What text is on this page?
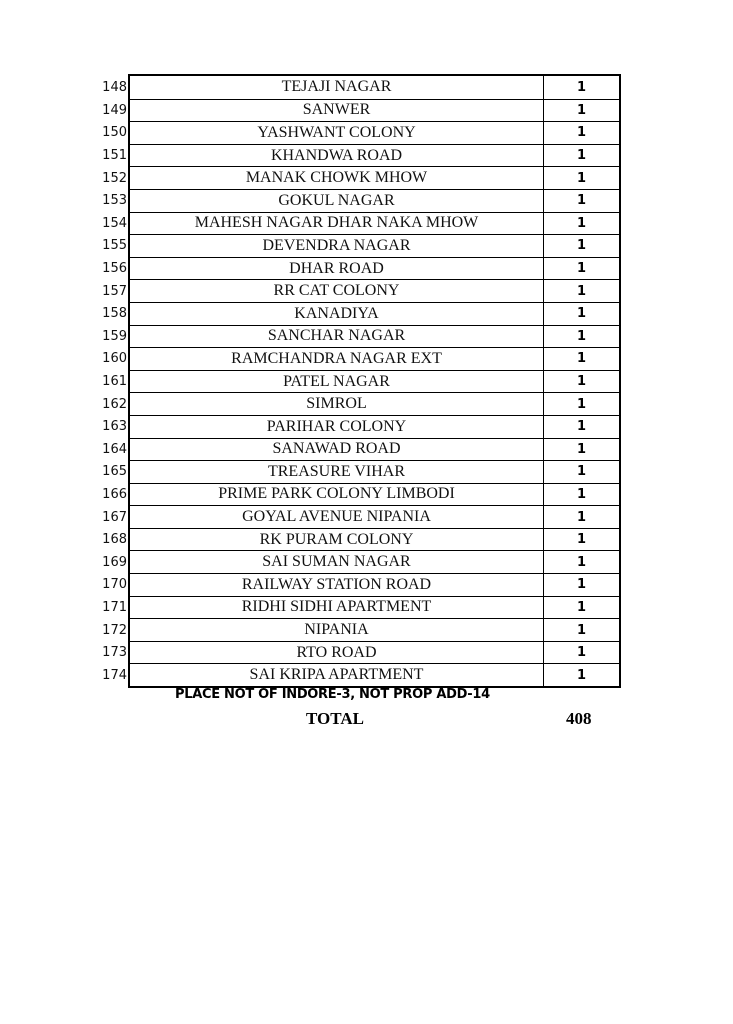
148	TEJAJI NAGAR	1
149	SANWER	1
150	YASHWANT COLONY	1
151	KHANDWA ROAD	1
152	MANAK CHOWK MHOW	1
153	GOKUL NAGAR	1
154	MAHESH NAGAR DHAR NAKA MHOW	1
155	DEVENDRA NAGAR	1
156	DHAR ROAD	1
157	RR CAT COLONY	1
158	KANADIYA	1
159	SANCHAR NAGAR	1
160	RAMCHANDRA NAGAR EXT	1
161	PATEL NAGAR	1
162	SIMROL	1
163	PARIHAR COLONY	1
164	SANAWAD ROAD	1
165	TREASURE VIHAR	1
166	PRIME PARK COLONY LIMBODI	1
167	GOYAL AVENUE NIPANIA	1
168	RK PURAM COLONY	1
169	SAI SUMAN NAGAR	1
170	RAILWAY STATION ROAD	1
171	RIDHI SIDHI APARTMENT	1
172	NIPANIA	1
173	RTO ROAD	1
174	SAI KRIPA APARTMENT	1
PLACE NOT OF INDORE-3, NOT PROP ADD-14
TOTAL	408
